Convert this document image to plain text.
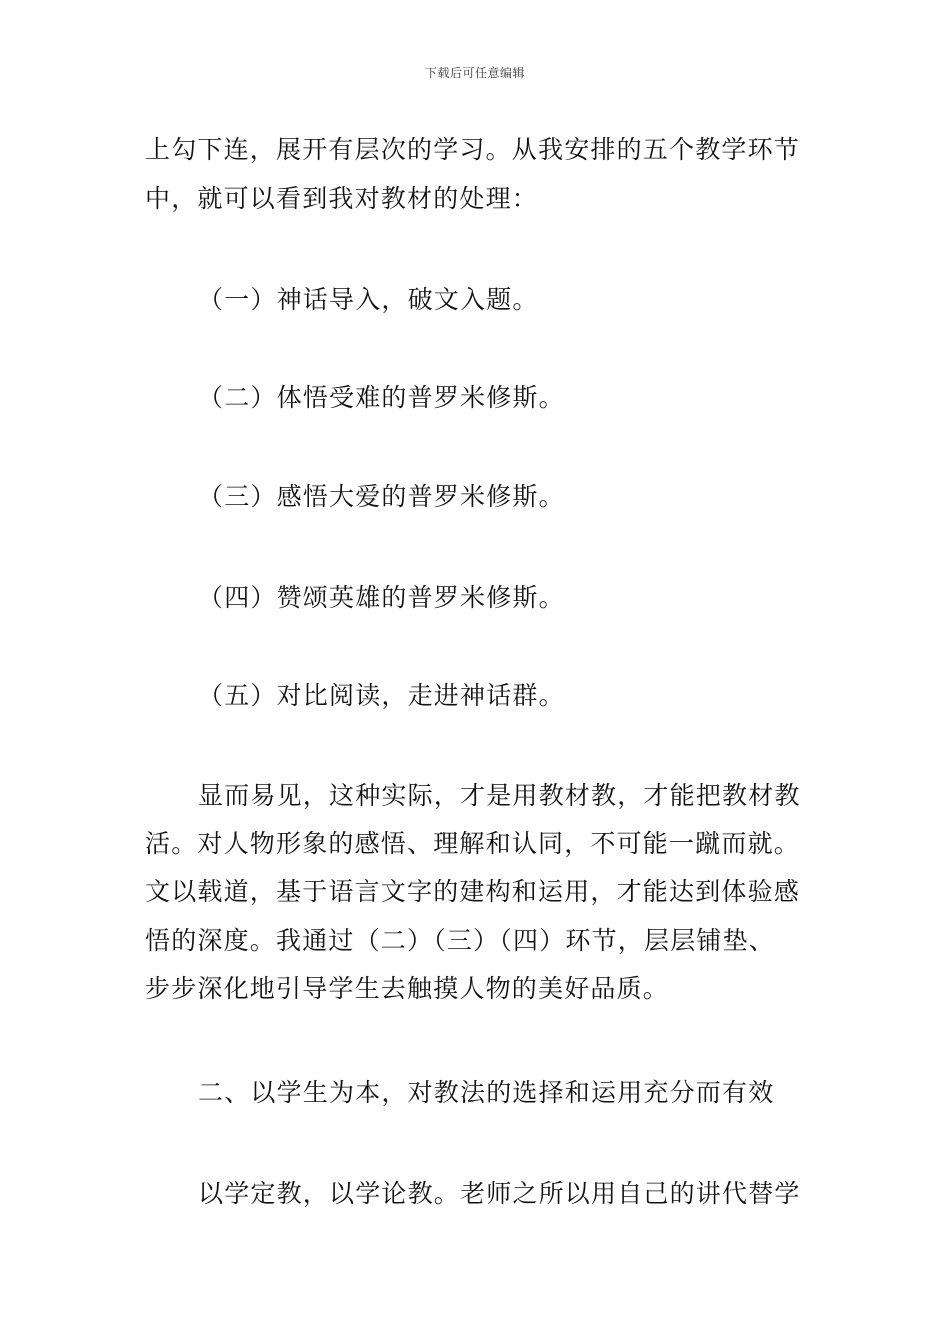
下载后可任意编辑
上勾下连，展开有层次的学习。从我安排的五个教学环节
中，就可以看到我对教材的处理：
（一）神话导入，破文入题。
（二）体悟受难的普罗米修斯。
（三）感悟大爱的普罗米修斯。
（四）赞颂英雄的普罗米修斯。
（五）对比阅读，走进神话群。
显而易见，这种实际，才是用教材教，才能把教材教
活。对人物形象的感悟、理解和认同，不可能一蹴而就。
文以载道，基于语言文字的建构和运用，才能达到体验感
悟的深度。我通过（二）（三）（四）环节，层层铺垫、
步步深化地引导学生去触摸人物的美好品质。
二、以学生为本，对教法的选择和运用充分而有效
以学定教，以学论教。老师之所以用自己的讲代替学
